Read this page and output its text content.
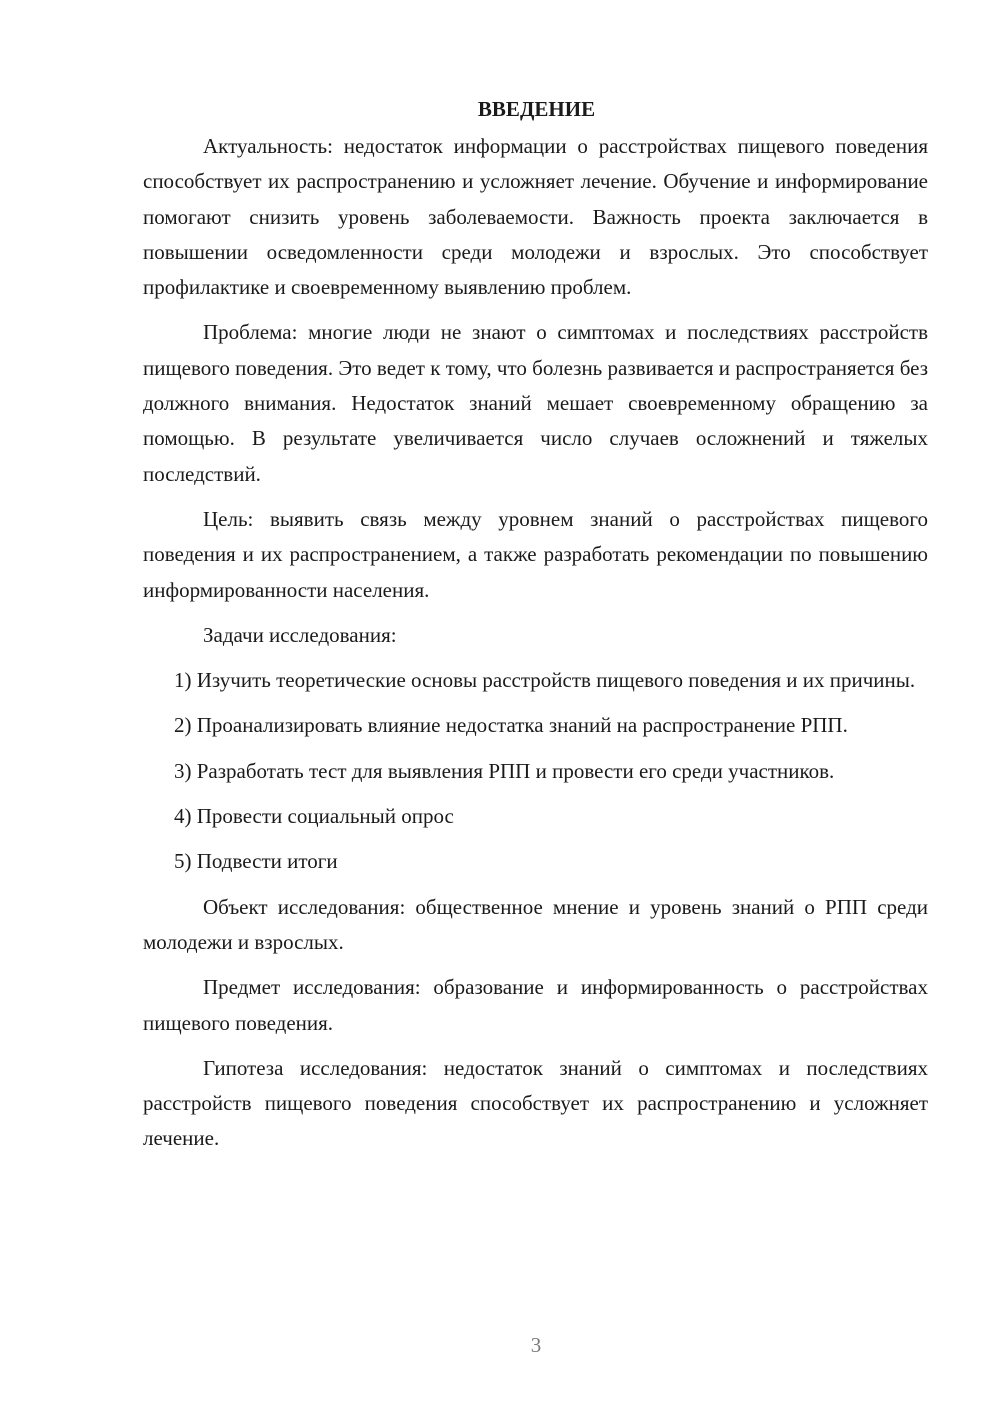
ВВЕДЕНИЕ

Актуальность: недостаток информации о расстройствах пищевого поведения способствует их распространению и усложняет лечение. Обучение и информирование помогают снизить уровень заболеваемости. Важность проекта заключается в повышении осведомленности среди молодежи и взрослых. Это способствует профилактике и своевременному выявлению проблем.

Проблема: многие люди не знают о симптомах и последствиях расстройств пищевого поведения. Это ведет к тому, что болезнь развивается и распространяется без должного внимания. Недостаток знаний мешает своевременному обращению за помощью. В результате увеличивается число случаев осложнений и тяжелых последствий.

Цель: выявить связь между уровнем знаний о расстройствах пищевого поведения и их распространением, а также разработать рекомендации по повышению информированности населения.

Задачи исследования:

1) Изучить теоретические основы расстройств пищевого поведения и их причины.

2) Проанализировать влияние недостатка знаний на распространение РПП.

3) Разработать тест для выявления РПП и провести его среди участников.

4) Провести социальный опрос

5) Подвести итоги

Объект исследования: общественное мнение и уровень знаний о РПП среди молодежи и взрослых.

Предмет исследования: образование и информированность о расстройствах пищевого поведения.

Гипотеза исследования: недостаток знаний о симптомах и последствиях расстройств пищевого поведения способствует их распространению и усложняет лечение.

3
